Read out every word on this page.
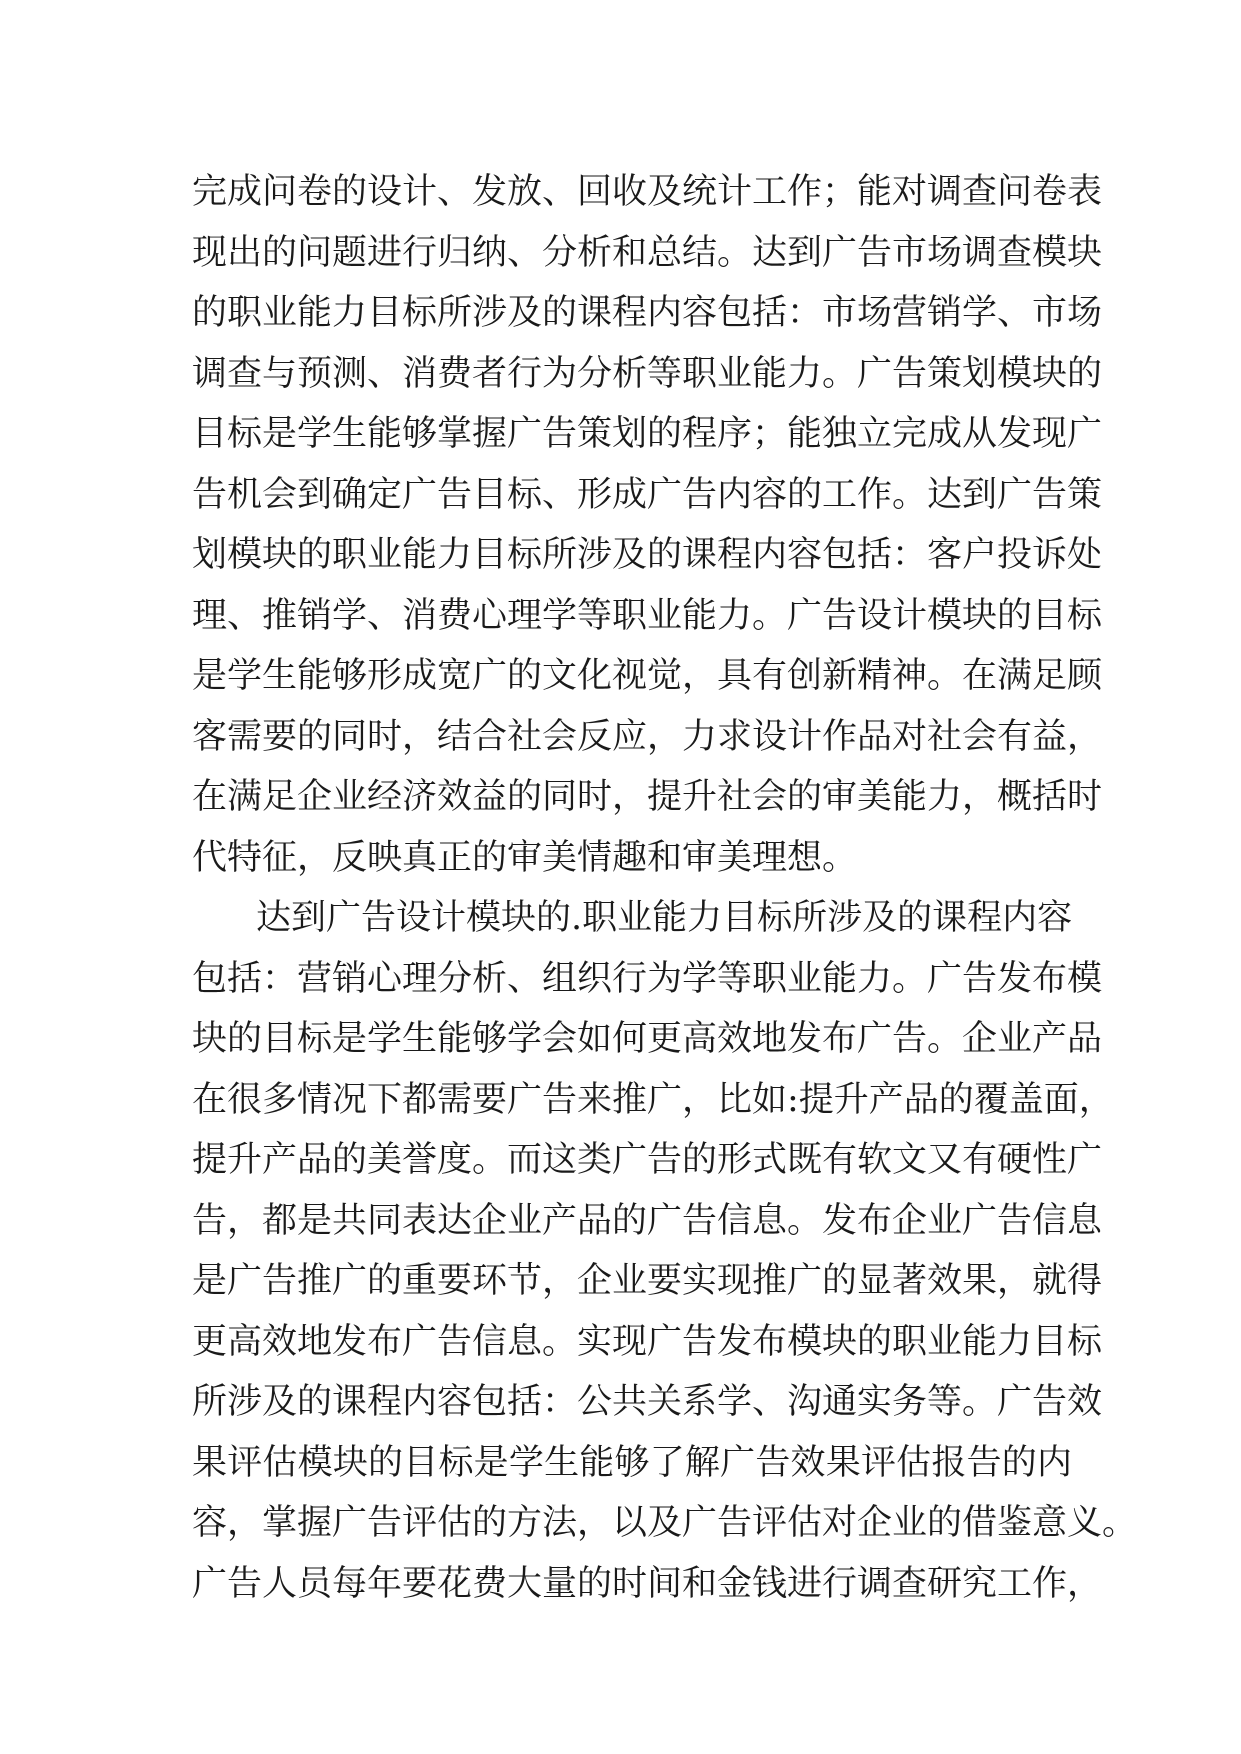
完成问卷的设计、发放、回收及统计工作；能对调查问卷表
现出的问题进行归纳、分析和总结。达到广告市场调查模块
的职业能力目标所涉及的课程内容包括：市场营销学、市场
调查与预测、消费者行为分析等职业能力。广告策划模块的
目标是学生能够掌握广告策划的程序；能独立完成从发现广
告机会到确定广告目标、形成广告内容的工作。达到广告策
划模块的职业能力目标所涉及的课程内容包括：客户投诉处
理、推销学、消费心理学等职业能力。广告设计模块的目标
是学生能够形成宽广的文化视觉，具有创新精神。在满足顾
客需要的同时，结合社会反应，力求设计作品对社会有益，
在满足企业经济效益的同时，提升社会的审美能力，概括时
代特征，反映真正的审美情趣和审美理想。
达到广告设计模块的.职业能力目标所涉及的课程内容
包括：营销心理分析、组织行为学等职业能力。广告发布模
块的目标是学生能够学会如何更高效地发布广告。企业产品
在很多情况下都需要广告来推广，比如:提升产品的覆盖面，
提升产品的美誉度。而这类广告的形式既有软文又有硬性广
告，都是共同表达企业产品的广告信息。发布企业广告信息
是广告推广的重要环节，企业要实现推广的显著效果，就得
更高效地发布广告信息。实现广告发布模块的职业能力目标
所涉及的课程内容包括：公共关系学、沟通实务等。广告效
果评估模块的目标是学生能够了解广告效果评估报告的内
容，掌握广告评估的方法，以及广告评估对企业的借鉴意义。
广告人员每年要花费大量的时间和金钱进行调查研究工作，
